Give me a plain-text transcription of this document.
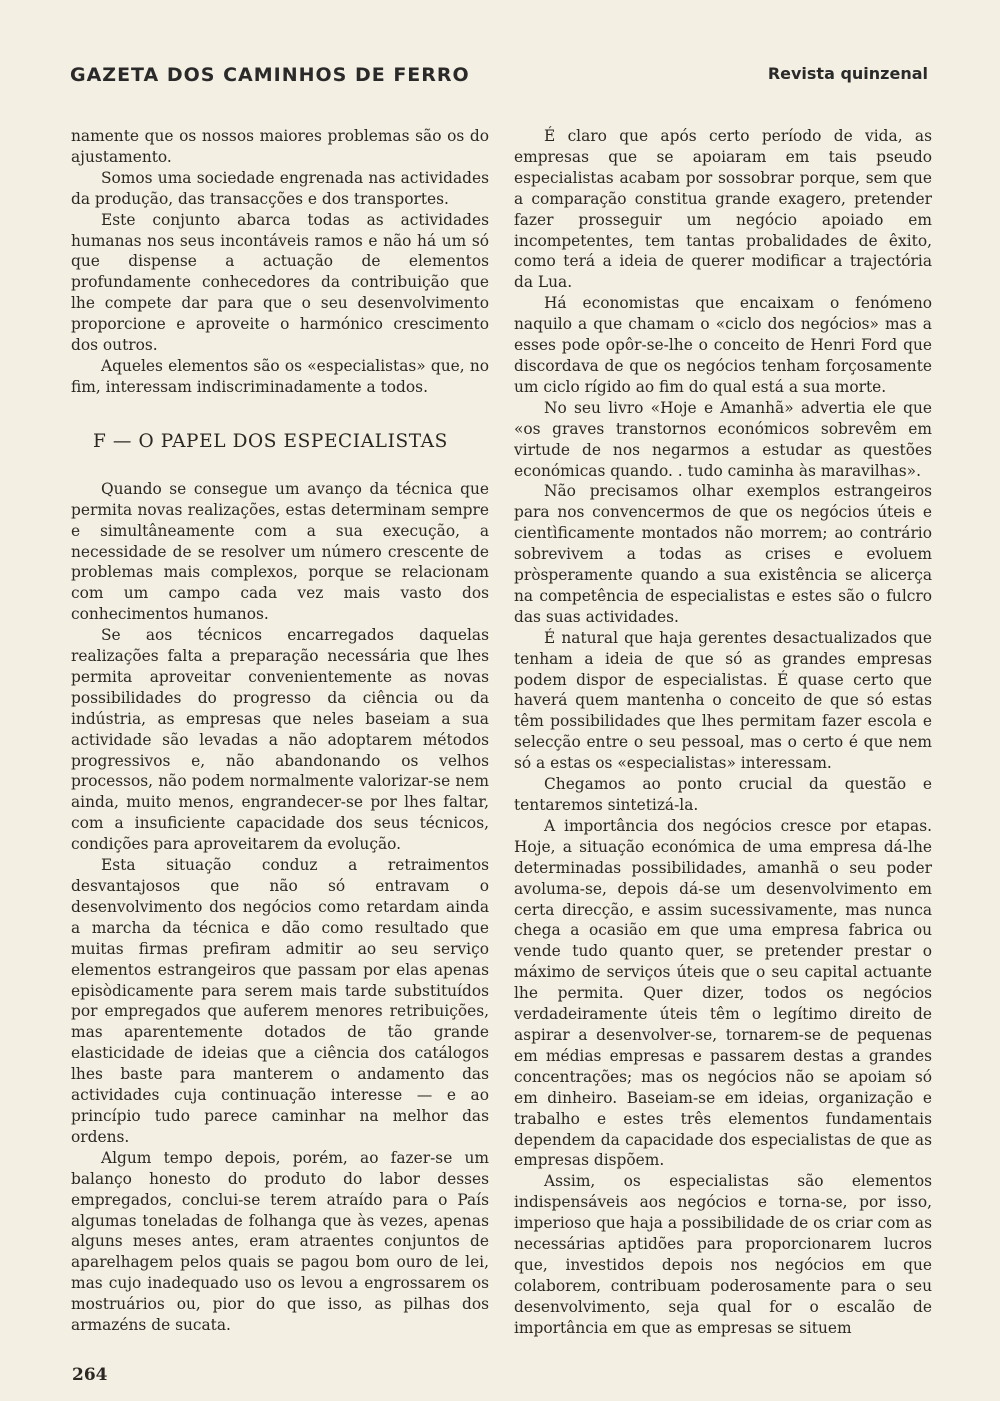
GAZETA DOS CAMINHOS DE FERRO	Revista quinzenal

namente que os nossos maiores problemas são os do ajustamento.

Somos uma sociedade engrenada nas actividades da produção, das transacções e dos transportes.

Este conjunto abarca todas as actividades humanas nos seus incontáveis ramos e não há um só que dispense a actuação de elementos profundamente conhecedores da contribuição que lhe compete dar para que o seu desenvolvimento proporcione e aproveite o harmónico crescimento dos outros.

Aqueles elementos são os «especialistas» que, no fim, interessam indiscriminadamente a todos.

F — O PAPEL DOS ESPECIALISTAS

Quando se consegue um avanço da técnica que permita novas realizações, estas determinam sempre e simultâneamente com a sua execução, a necessidade de se resolver um número crescente de problemas mais complexos, porque se relacionam com um campo cada vez mais vasto dos conhecimentos humanos.

Se aos técnicos encarregados daquelas realizações falta a preparação necessária que lhes permita aproveitar convenientemente as novas possibilidades do progresso da ciência ou da indústria, as empresas que neles baseiam a sua actividade são levadas a não adoptarem métodos progressivos e, não abandonando os velhos processos, não podem normalmente valorizar-se nem ainda, muito menos, engrandecer-se por lhes faltar, com a insuficiente capacidade dos seus técnicos, condições para aproveitarem da evolução.

Esta situação conduz a retraimentos desvantajosos que não só entravam o desenvolvimento dos negócios como retardam ainda a marcha da técnica e dão como resultado que muitas firmas prefiram admitir ao seu serviço elementos estrangeiros que passam por elas apenas episòdicamente para serem mais tarde substituídos por empregados que auferem menores retribuições, mas aparentemente dotados de tão grande elasticidade de ideias que a ciência dos catálogos lhes baste para manterem o andamento das actividades cuja continuação interesse — e ao princípio tudo parece caminhar na melhor das ordens.

Algum tempo depois, porém, ao fazer-se um balanço honesto do produto do labor desses empregados, conclui-se terem atraído para o País algumas toneladas de folhanga que às vezes, apenas alguns meses antes, eram atraentes conjuntos de aparelhagem pelos quais se pagou bom ouro de lei, mas cujo inadequado uso os levou a engrossarem os mostruários ou, pior do que isso, as pilhas dos armazéns de sucata.

É claro que após certo período de vida, as empresas que se apoiaram em tais pseudo especialistas acabam por sossobrar porque, sem que a comparação constitua grande exagero, pretender fazer prosseguir um negócio apoiado em incompetentes, tem tantas probalidades de êxito, como terá a ideia de querer modificar a trajectória da Lua.

Há economistas que encaixam o fenómeno naquilo a que chamam o «ciclo dos negócios» mas a esses pode opôr-se-lhe o conceito de Henri Ford que discordava de que os negócios tenham forçosamente um ciclo rígido ao fim do qual está a sua morte.

No seu livro «Hoje e Amanhã» advertia ele que «os graves transtornos económicos sobrevêm em virtude de nos negarmos a estudar as questões económicas quando. . tudo caminha às maravilhas».

Não precisamos olhar exemplos estrangeiros para nos convencermos de que os negócios úteis e cientìficamente montados não morrem; ao contrário sobrevivem a todas as crises e evoluem pròsperamente quando a sua existência se alicerça na competência de especialistas e estes são o fulcro das suas actividades.

É natural que haja gerentes desactualizados que tenham a ideia de que só as grandes empresas podem dispor de especialistas. É quase certo que haverá quem mantenha o conceito de que só estas têm possibilidades que lhes permitam fazer escola e selecção entre o seu pessoal, mas o certo é que nem só a estas os «especialistas» interessam.

Chegamos ao ponto crucial da questão e tentaremos sintetizá-la.

A importância dos negócios cresce por etapas. Hoje, a situação económica de uma empresa dá-lhe determinadas possibilidades, amanhã o seu poder avoluma-se, depois dá-se um desenvolvimento em certa direcção, e assim sucessivamente, mas nunca chega a ocasião em que uma empresa fabrica ou vende tudo quanto quer, se pretender prestar o máximo de serviços úteis que o seu capital actuante lhe permita. Quer dizer, todos os negócios verdadeiramente úteis têm o legítimo direito de aspirar a desenvolver-se, tornarem-se de pequenas em médias empresas e passarem destas a grandes concentrações; mas os negócios não se apoiam só em dinheiro. Baseiam-se em ideias, organização e trabalho e estes três elementos fundamentais dependem da capacidade dos especialistas de que as empresas dispõem.

Assim, os especialistas são elementos indispensáveis aos negócios e torna-se, por isso, imperioso que haja a possibilidade de os criar com as necessárias aptidões para proporcionarem lucros que, investidos depois nos negócios em que colaborem, contribuam poderosamente para o seu desenvolvimento, seja qual for o escalão de importância em que as empresas se situem

264
